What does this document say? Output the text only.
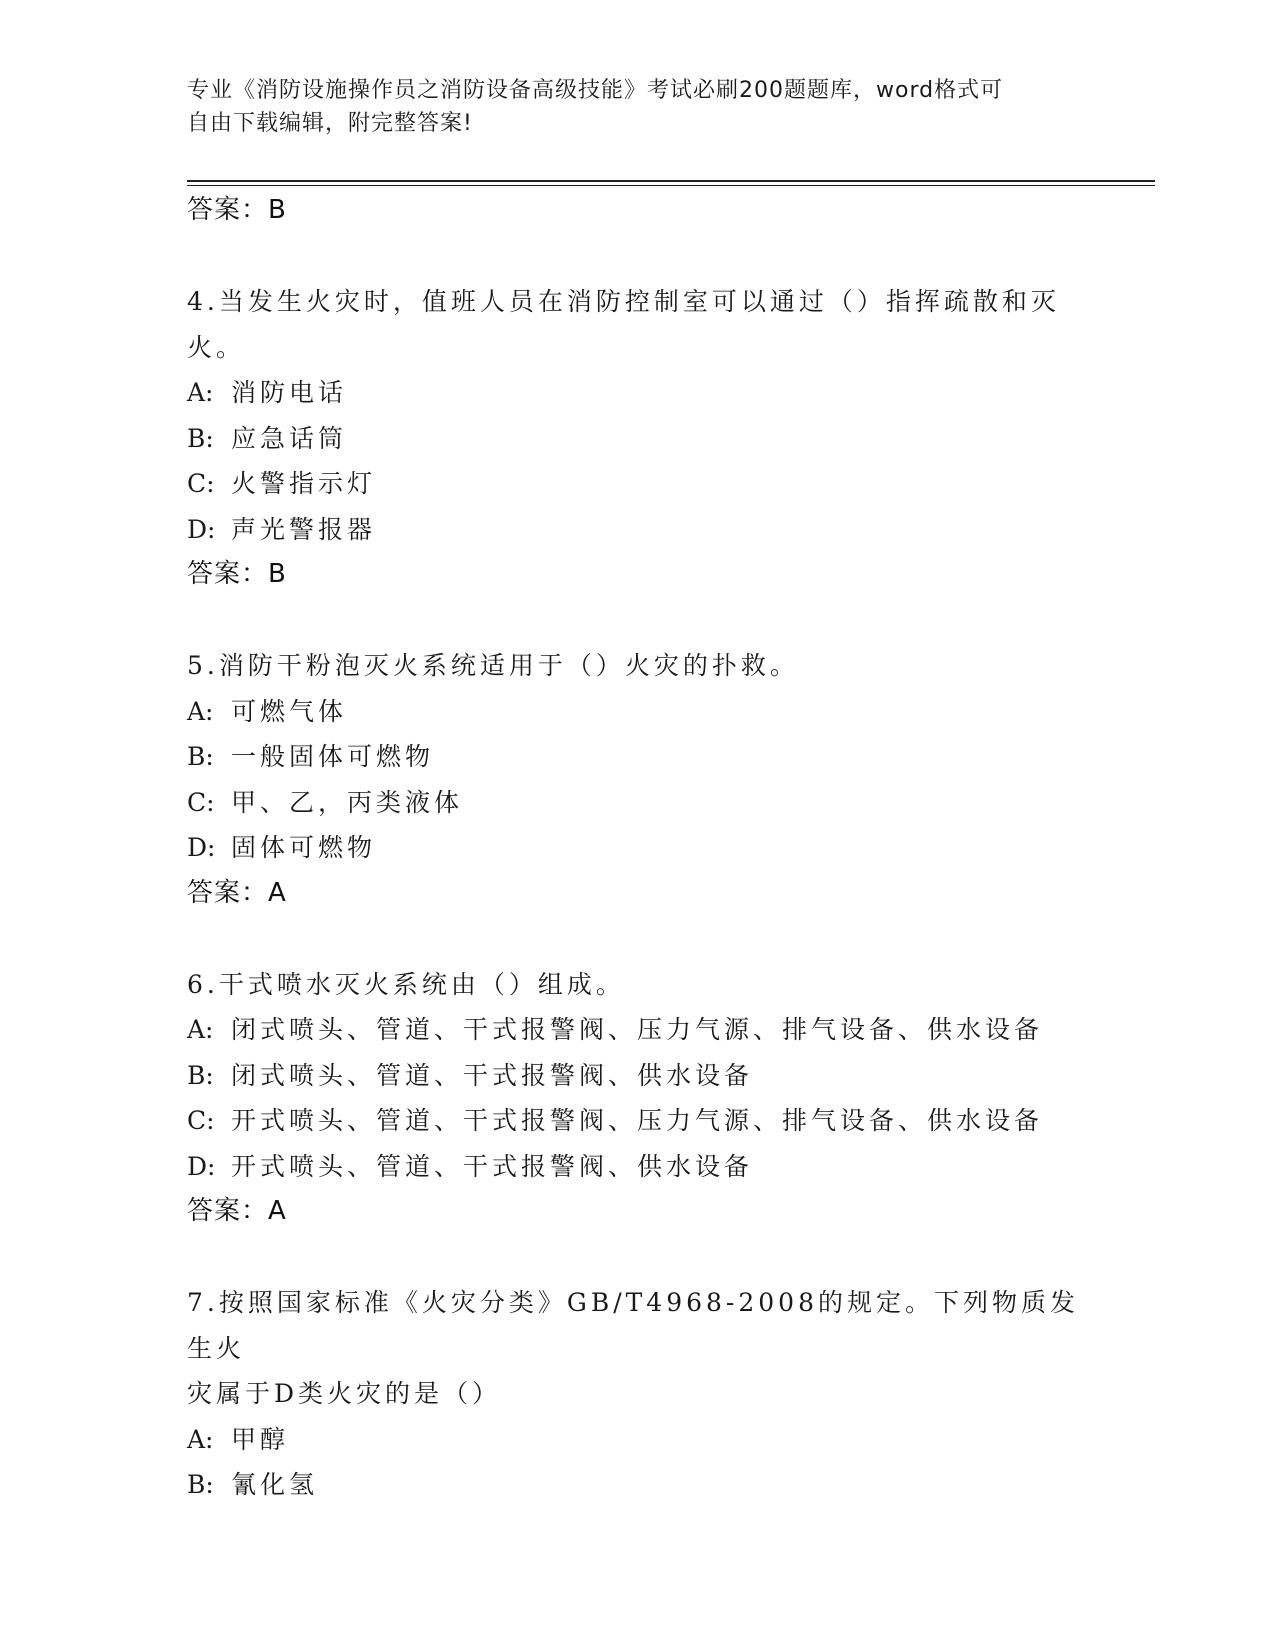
专业《消防设施操作员之消防设备高级技能》考试必刷200题题库，word格式可
自由下载编辑，附完整答案!
答案：B
4.当发生火灾时，值班人员在消防控制室可以通过（）指挥疏散和灭
火。
A: 消防电话
B: 应急话筒
C: 火警指示灯
D: 声光警报器
答案：B
5.消防干粉泡灭火系统适用于（）火灾的扑救。
A: 可燃气体
B: 一般固体可燃物
C: 甲、乙，丙类液体
D: 固体可燃物
答案：A
6.干式喷水灭火系统由（）组成。
A: 闭式喷头、管道、干式报警阀、压力气源、排气设备、供水设备
B: 闭式喷头、管道、干式报警阀、供水设备
C: 开式喷头、管道、干式报警阀、压力气源、排气设备、供水设备
D: 开式喷头、管道、干式报警阀、供水设备
答案：A
7.按照国家标准《火灾分类》GB/T4968-2008的规定。下列物质发生火
灾属于D类火灾的是（）
A: 甲醇
B: 氰化氢
